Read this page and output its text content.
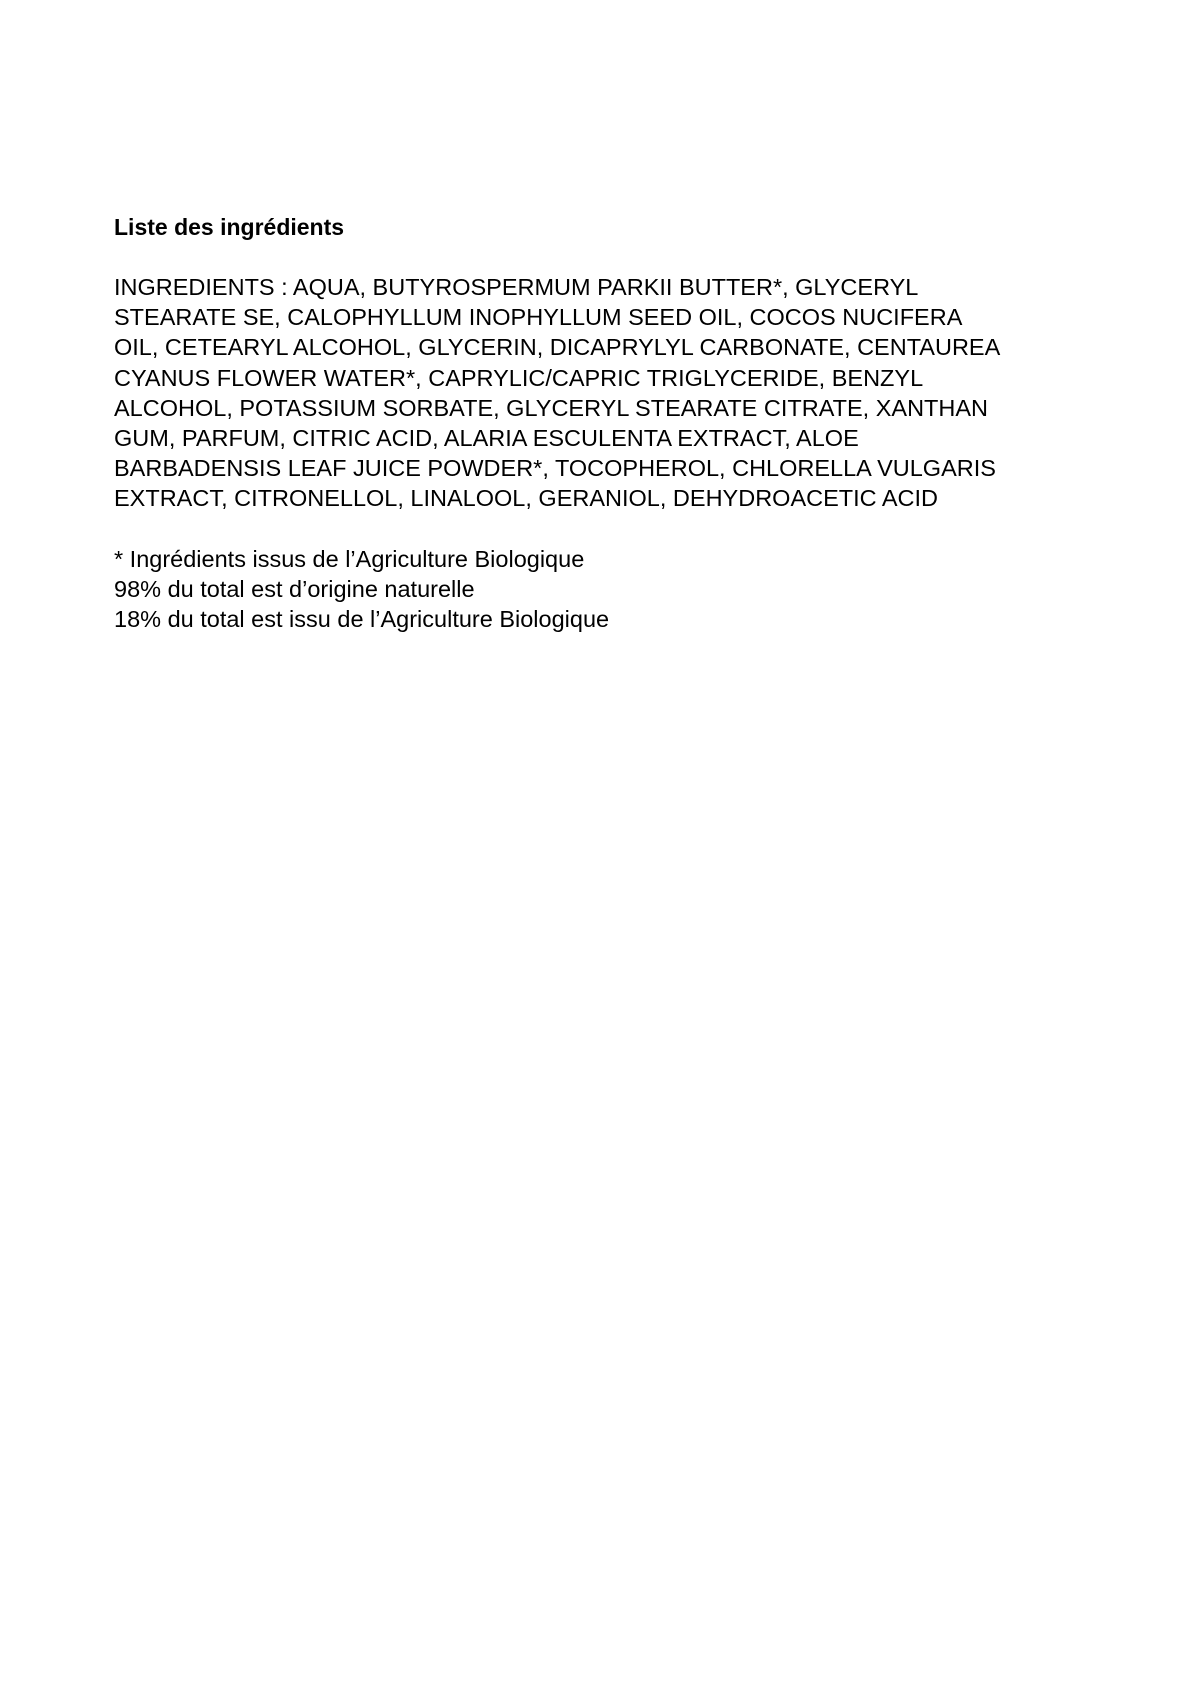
Liste des ingrédients
INGREDIENTS : AQUA, BUTYROSPERMUM PARKII BUTTER*, GLYCERYL
STEARATE SE, CALOPHYLLUM INOPHYLLUM SEED OIL, COCOS NUCIFERA
OIL, CETEARYL ALCOHOL, GLYCERIN, DICAPRYLYL CARBONATE, CENTAUREA
CYANUS FLOWER WATER*, CAPRYLIC/CAPRIC TRIGLYCERIDE, BENZYL
ALCOHOL, POTASSIUM SORBATE, GLYCERYL STEARATE CITRATE, XANTHAN
GUM, PARFUM, CITRIC ACID, ALARIA ESCULENTA EXTRACT, ALOE
BARBADENSIS LEAF JUICE POWDER*, TOCOPHEROL, CHLORELLA VULGARIS
EXTRACT, CITRONELLOL, LINALOOL, GERANIOL, DEHYDROACETIC ACID
* Ingrédients issus de l’Agriculture Biologique
98% du total est d’origine naturelle
18% du total est issu de l’Agriculture Biologique
